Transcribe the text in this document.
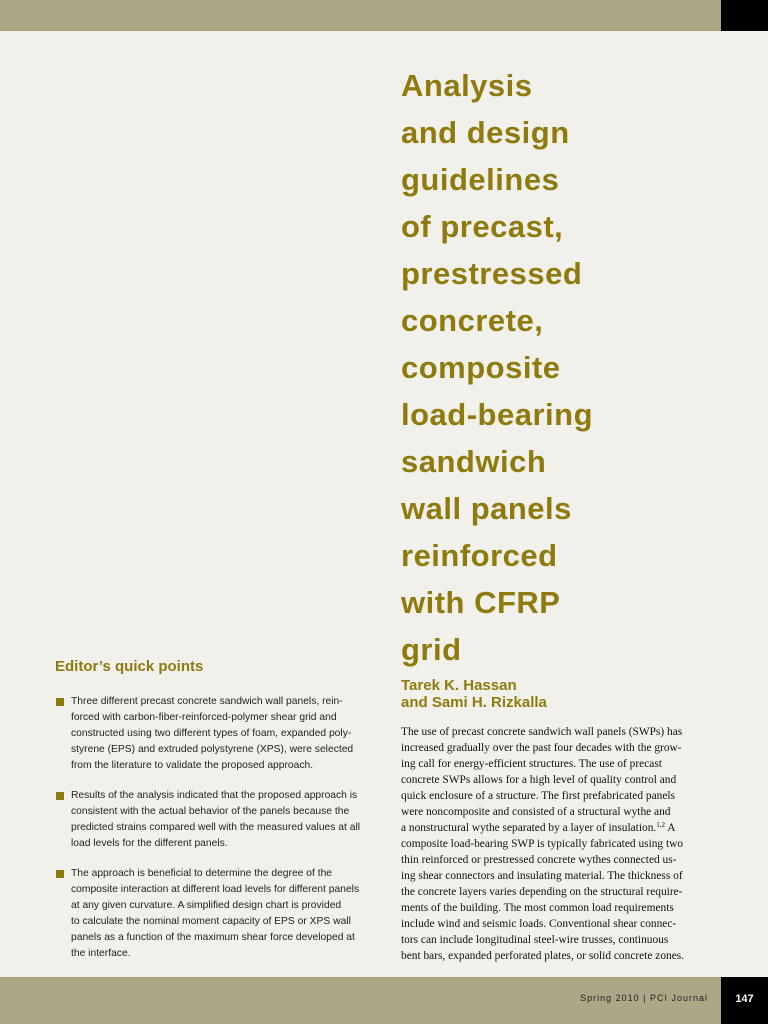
Analysis
and design
guidelines
of precast,
prestressed
concrete,
composite
load-bearing
sandwich
wall panels
reinforced
with CFRP
grid
Tarek K. Hassan
and Sami H. Rizkalla
The use of precast concrete sandwich wall panels (SWPs) has
increased gradually over the past four decades with the grow-
ing call for energy-efficient structures. The use of precast
concrete SWPs allows for a high level of quality control and
quick enclosure of a structure. The first prefabricated panels
were noncomposite and consisted of a structural wythe and
a nonstructural wythe separated by a layer of insulation.$^{1,2}$ A
composite load-bearing SWP is typically fabricated using two
thin reinforced or prestressed concrete wythes connected us-
ing shear connectors and insulating material. The thickness of
the concrete layers varies depending on the structural require-
ments of the building. The most common load requirements
include wind and seismic loads. Conventional shear connec-
tors can include longitudinal steel-wire trusses, continuous
bent bars, expanded perforated plates, or solid concrete zones.
Editor’s quick points
Three different precast concrete sandwich wall panels, rein-
forced with carbon-fiber-reinforced-polymer shear grid and
constructed using two different types of foam, expanded poly-
styrene (EPS) and extruded polystyrene (XPS), were selected
from the literature to validate the proposed approach.
Results of the analysis indicated that the proposed approach is
consistent with the actual behavior of the panels because the
predicted strains compared well with the measured values at all
load levels for the different panels.
The approach is beneficial to determine the degree of the
composite interaction at different load levels for different panels
at any given curvature. A simplified design chart is provided
to calculate the nominal moment capacity of EPS or XPS wall
panels as a function of the maximum shear force developed at
the interface.
Spring 2010 | PCI Journal	147
